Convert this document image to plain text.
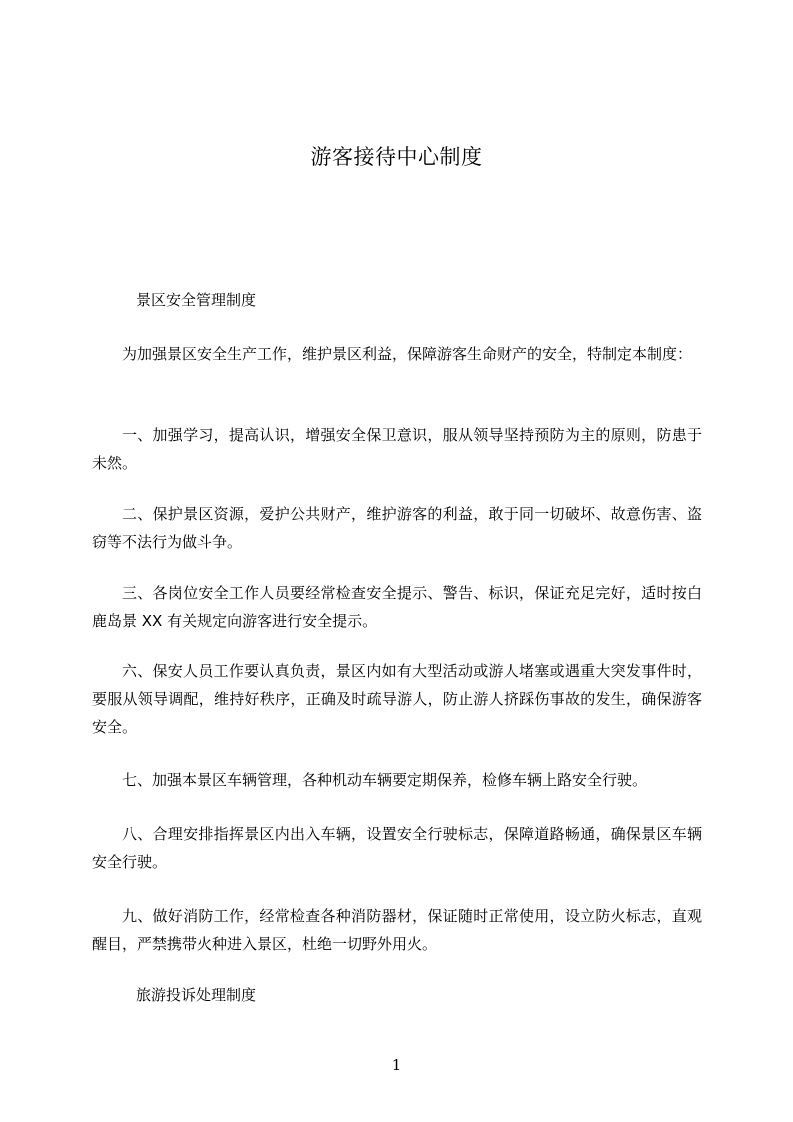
游客接待中心制度
景区安全管理制度
为加强景区安全生产工作，维护景区利益，保障游客生命财产的安全，特制定本制度：
一、加强学习，提高认识，增强安全保卫意识，服从领导坚持预防为主的原则，防患于未然。
二、保护景区资源，爱护公共财产，维护游客的利益，敢于同一切破坏、故意伤害、盗窃等不法行为做斗争。
三、各岗位安全工作人员要经常检查安全提示、警告、标识，保证充足完好，适时按白鹿岛景 XX 有关规定向游客进行安全提示。
六、保安人员工作要认真负责，景区内如有大型活动或游人堵塞或遇重大突发事件时，要服从领导调配，维持好秩序，正确及时疏导游人，防止游人挤踩伤事故的发生，确保游客安全。
七、加强本景区车辆管理，各种机动车辆要定期保养，检修车辆上路安全行驶。
八、合理安排指挥景区内出入车辆，设置安全行驶标志，保障道路畅通，确保景区车辆安全行驶。
九、做好消防工作，经常检查各种消防器材，保证随时正常使用，设立防火标志，直观醒目，严禁携带火种进入景区，杜绝一切野外用火。
旅游投诉处理制度
1
